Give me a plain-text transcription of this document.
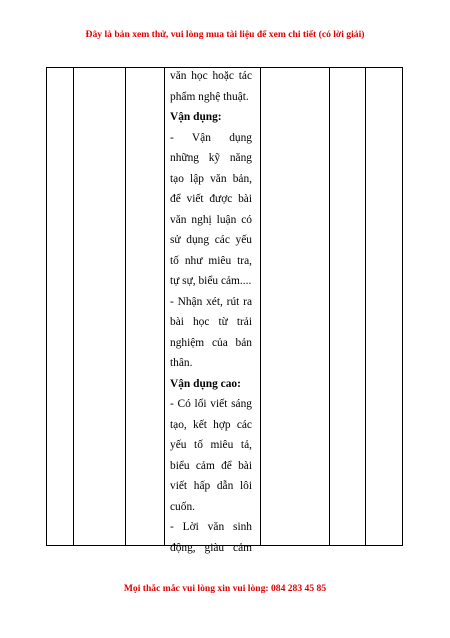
Đây là bản xem thử, vui lòng mua tài liệu để xem chi tiết (có lời giải)

văn học hoặc tác
phẩm nghệ thuật.
Vận dụng:
- Vận dụng
những kỹ năng
tạo lập văn bản,
để viết được bài
văn nghị luận có
sử dụng các yếu
tố như miêu tra,
tự sự, biểu cảm....
- Nhận xét, rút ra
bài học từ trải
nghiệm của bản
thân.
Vận dụng cao:
- Có lối viết sáng
tạo, kết hợp các
yếu tố miêu tả,
biểu cảm để bài
viết hấp dẫn lôi
cuốn.
- Lời văn sinh
động, giàu cảm

Mọi thắc mắc vui lòng xin vui lòng: 084 283 45 85
